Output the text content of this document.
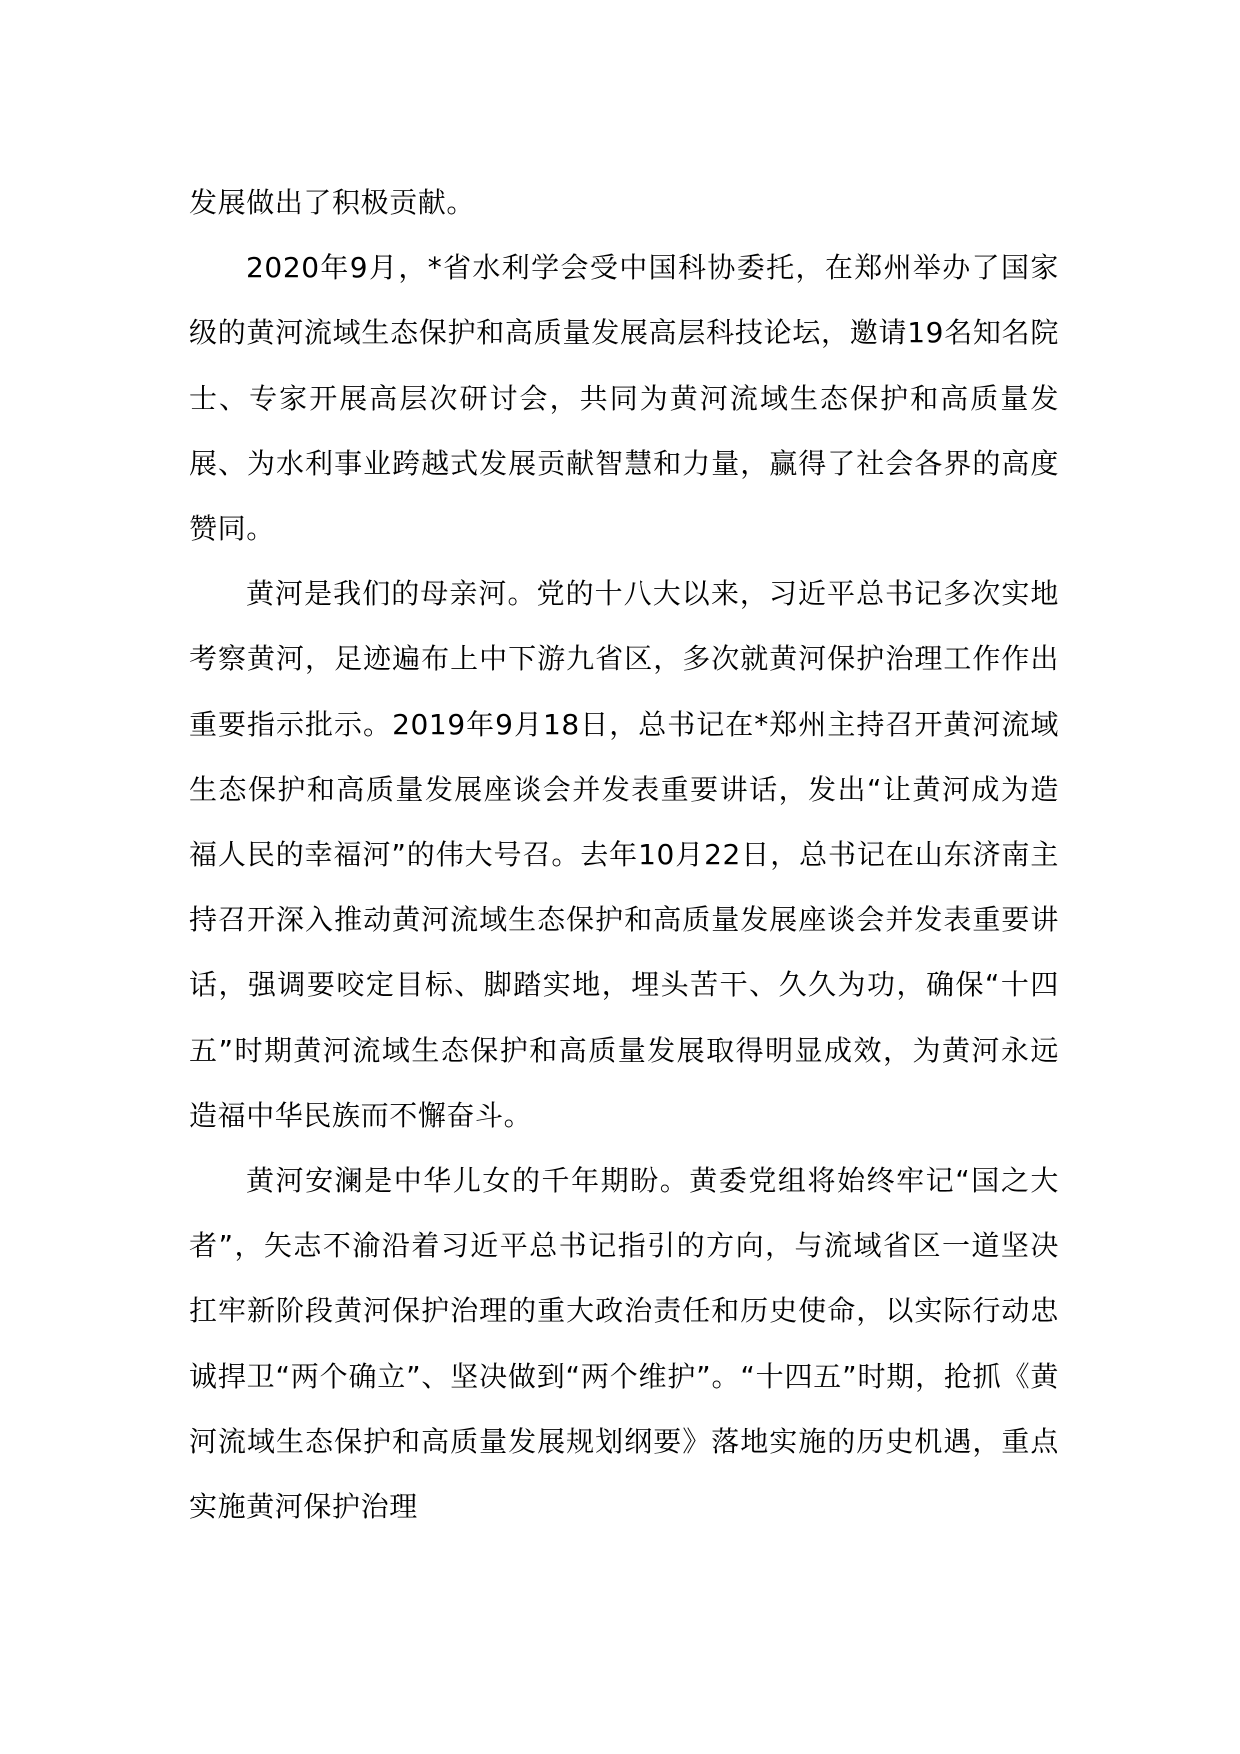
发展做出了积极贡献。

2020年9月，*省水利学会受中国科协委托，在郑州举办了国家级的黄河流域生态保护和高质量发展高层科技论坛，邀请19名知名院士、专家开展高层次研讨会，共同为黄河流域生态保护和高质量发展、为水利事业跨越式发展贡献智慧和力量，赢得了社会各界的高度赞同。

黄河是我们的母亲河。党的十八大以来，习近平总书记多次实地考察黄河，足迹遍布上中下游九省区，多次就黄河保护治理工作作出重要指示批示。2019年9月18日，总书记在*郑州主持召开黄河流域生态保护和高质量发展座谈会并发表重要讲话，发出“让黄河成为造福人民的幸福河”的伟大号召。去年10月22日，总书记在山东济南主持召开深入推动黄河流域生态保护和高质量发展座谈会并发表重要讲话，强调要咬定目标、脚踏实地，埋头苦干、久久为功，确保“十四五”时期黄河流域生态保护和高质量发展取得明显成效，为黄河永远造福中华民族而不懈奋斗。

黄河安澜是中华儿女的千年期盼。黄委党组将始终牢记“国之大者”，矢志不渝沿着习近平总书记指引的方向，与流域省区一道坚决扛牢新阶段黄河保护治理的重大政治责任和历史使命，以实际行动忠诚捍卫“两个确立”、坚决做到“两个维护”。“十四五”时期，抢抓《黄河流域生态保护和高质量发展规划纲要》落地实施的历史机遇，重点实施黄河保护治理
